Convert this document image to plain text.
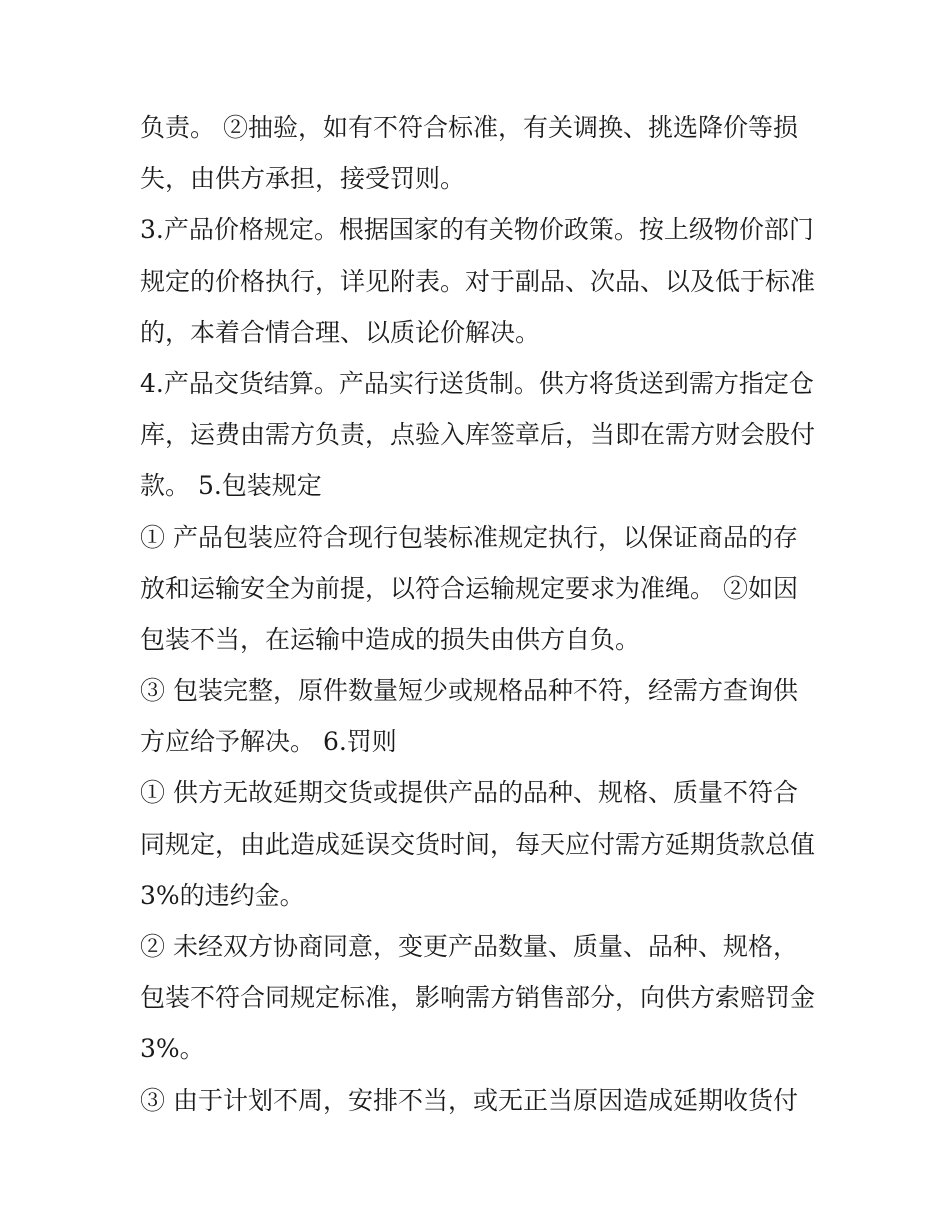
负责。 ②抽验，如有不符合标准，有关调换、挑选降价等损
失，由供方承担，接受罚则。
3.产品价格规定。根据国家的有关物价政策。按上级物价部门
规定的价格执行，详见附表。对于副品、次品、以及低于标准
的，本着合情合理、以质论价解决。
4.产品交货结算。产品实行送货制。供方将货送到需方指定仓
库，运费由需方负责，点验入库签章后，当即在需方财会股付
款。 5.包装规定
① 产品包装应符合现行包装标准规定执行，以保证商品的存
放和运输安全为前提，以符合运输规定要求为准绳。 ②如因
包装不当，在运输中造成的损失由供方自负。
③ 包装完整，原件数量短少或规格品种不符，经需方查询供
方应给予解决。 6.罚则
① 供方无故延期交货或提供产品的品种、规格、质量不符合
同规定，由此造成延误交货时间，每天应付需方延期货款总值
3%的违约金。
② 未经双方协商同意，变更产品数量、质量、品种、规格，
包装不符合同规定标准，影响需方销售部分，向供方索赔罚金
3%。
③ 由于计划不周，安排不当，或无正当原因造成延期收货付
